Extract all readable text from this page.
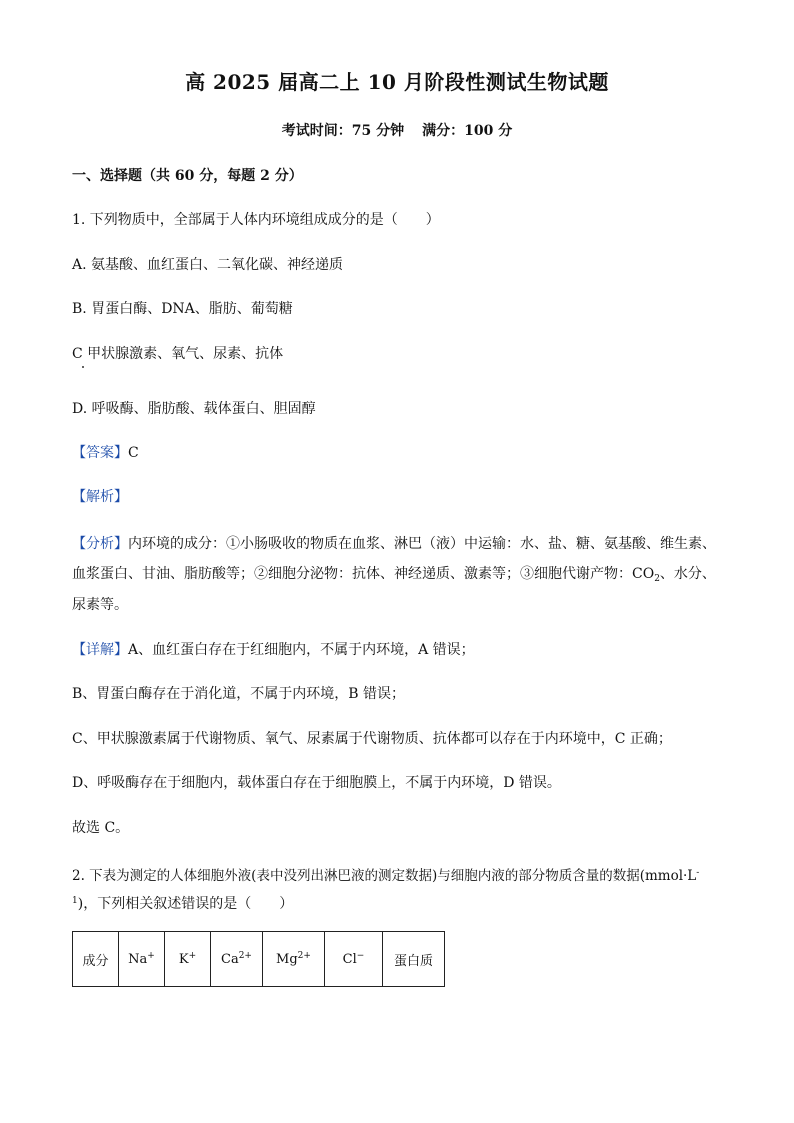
高 2025 届高二上 10 月阶段性测试生物试题
考试时间：75 分钟 满分：100 分
一、选择题（共 60 分，每题 2 分）
1. 下列物质中，全部属于人体内环境组成成分的是（　　）
A. 氨基酸、血红蛋白、二氧化碳、神经递质
B. 胃蛋白酶、DNA、脂肪、葡萄糖
C 甲状腺激素、氧气、尿素、抗体
D. 呼吸酶、脂肪酸、载体蛋白、胆固醇
【答案】C
【解析】
【分析】内环境的成分：①小肠吸收的物质在血浆、淋巴（液）中运输：水、盐、糖、氨基酸、维生素、
血浆蛋白、甘油、脂肪酸等；②细胞分泌物：抗体、神经递质、激素等；③细胞代谢产物：$CO_2$、水分、
尿素等。
【详解】A、血红蛋白存在于红细胞内，不属于内环境，A 错误；
B、胃蛋白酶存在于消化道，不属于内环境，B 错误；
C、甲状腺激素属于代谢物质、氧气、尿素属于代谢物质、抗体都可以存在于内环境中，C 正确；
D、呼吸酶存在于细胞内，载体蛋白存在于细胞膜上，不属于内环境，D 错误。
故选 C。
2. 下表为测定的人体细胞外液(表中没列出淋巴液的测定数据)与细胞内液的部分物质含量的数据(mmol·L-
$^1$)，下列相关叙述错误的是（　　）
成分	Na+	K+	$Ca^{2+}$	$Mg^{2+}$	Cl−	蛋白质
